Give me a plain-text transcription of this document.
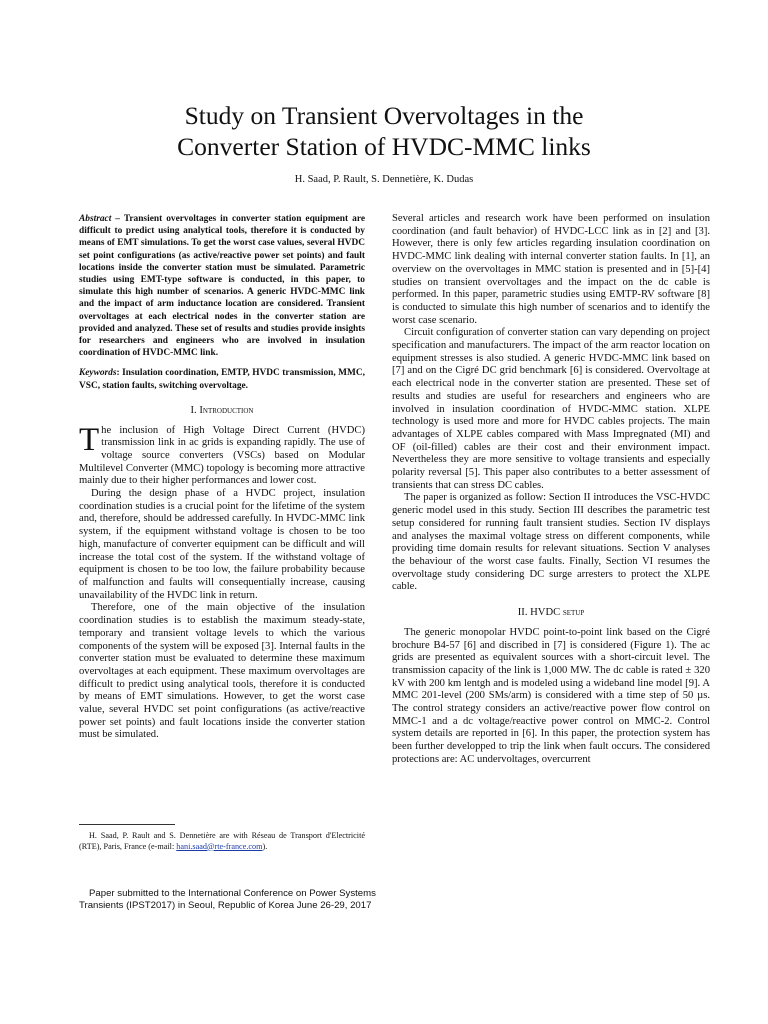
Study on Transient Overvoltages in the
Converter Station of HVDC-MMC links

H. Saad, P. Rault, S. Dennetière, K. Dudas

Abstract – Transient overvoltages in converter station equipment are difficult to predict using analytical tools, therefore it is conducted by means of EMT simulations. To get the worst case values, several HVDC set point configurations (as active/reactive power set points) and fault locations inside the converter station must be simulated. Parametric studies using EMT-type software is conducted, in this paper, to simulate this high number of scenarios. A generic HVDC-MMC link and the impact of arm inductance location are considered. Transient overvoltages at each electrical nodes in the converter station are provided and analyzed. These set of results and studies provide insights for researchers and engineers who are involved in insulation coordination of HVDC-MMC link.

Keywords: Insulation coordination, EMTP, HVDC transmission, MMC, VSC, station faults, switching overvoltage.

I. Introduction

The inclusion of High Voltage Direct Current (HVDC) transmission link in ac grids is expanding rapidly. The use of voltage source converters (VSCs) based on Modular Multilevel Converter (MMC) topology is becoming more attractive mainly due to their higher performances and lower cost.

During the design phase of a HVDC project, insulation coordination studies is a crucial point for the lifetime of the system and, therefore, should be addressed carefully. In HVDC-MMC link system, if the equipment withstand voltage is chosen to be too high, manufacture of converter equipment can be difficult and will increase the total cost of the system. If the withstand voltage of equipment is chosen to be too low, the failure probability because of malfunction and faults will consequentially increase, causing unavailability of the HVDC link in return.

Therefore, one of the main objective of the insulation coordination studies is to establish the maximum steady-state, temporary and transient voltage levels to which the various components of the system will be exposed [3]. Internal faults in the converter station must be evaluated to determine these maximum overvoltages at each equipment. These maximum overvoltages are difficult to predict using analytical tools, therefore it is conducted by means of EMT simulations. However, to get the worst case value, several HVDC set point configurations (as active/reactive power set points) and fault locations inside the converter station must be simulated.

H. Saad, P. Rault and S. Dennetière are with Réseau de Transport d'Electricité (RTE), Paris, France (e-mail: hani.saad@rte-france.com).

Paper submitted to the International Conference on Power Systems Transients (IPST2017) in Seoul, Republic of Korea June 26-29, 2017

Several articles and research work have been performed on insulation coordination (and fault behavior) of HVDC-LCC link as in [2] and [3]. However, there is only few articles regarding insulation coordination on HVDC-MMC link dealing with internal converter station faults. In [1], an overview on the overvoltages in MMC station is presented and in [5]-[4] studies on transient overvoltages and the impact on the dc cable is performed. In this paper, parametric studies using EMTP-RV software [8] is conducted to simulate this high number of scenarios and to identify the worst case scenario.

Circuit configuration of converter station can vary depending on project specification and manufacturers. The impact of the arm reactor location on equipment stresses is also studied. A generic HVDC-MMC link based on [7] and on the Cigré DC grid benchmark [6] is considered. Overvoltage at each electrical node in the converter station are presented. These set of results and studies are useful for researchers and engineers who are involved in insulation coordination of HVDC-MMC station. XLPE technology is used more and more for HVDC cables projects. The main advantages of XLPE cables compared with Mass Impregnated (MI) and OF (oil-filled) cables are their cost and their environment impact. Nevertheless they are more sensitive to voltage transients and especially polarity reversal [5]. This paper also contributes to a better assessment of transients that can stress DC cables.

The paper is organized as follow: Section II introduces the VSC-HVDC generic model used in this study. Section III describes the parametric test setup considered for running fault transient studies. Section IV displays and analyses the maximal voltage stress on different components, while providing time domain results for relevant situations. Section V analyses the behaviour of the worst case faults. Finally, Section VI resumes the overvoltage study considering DC surge arresters to protect the XLPE cable.

II. HVDC setup

The generic monopolar HVDC point-to-point link based on the Cigré brochure B4-57 [6] and discribed in [7] is considered (Figure 1). The ac grids are presented as equivalent sources with a short-circuit level. The transmission capacity of the link is 1,000 MW. The dc cable is rated ± 320 kV with 200 km lentgh and is modeled using a wideband line model [9]. A MMC 201-level (200 SMs/arm) is considered with a time step of 50 µs. The control strategy considers an active/reactive power flow control on MMC-1 and a dc voltage/reactive power control on MMC-2. Control system details are reported in [6]. In this paper, the protection system has been further developped to trip the link when fault occurs. The considered protections are: AC undervoltages, overcurrent
